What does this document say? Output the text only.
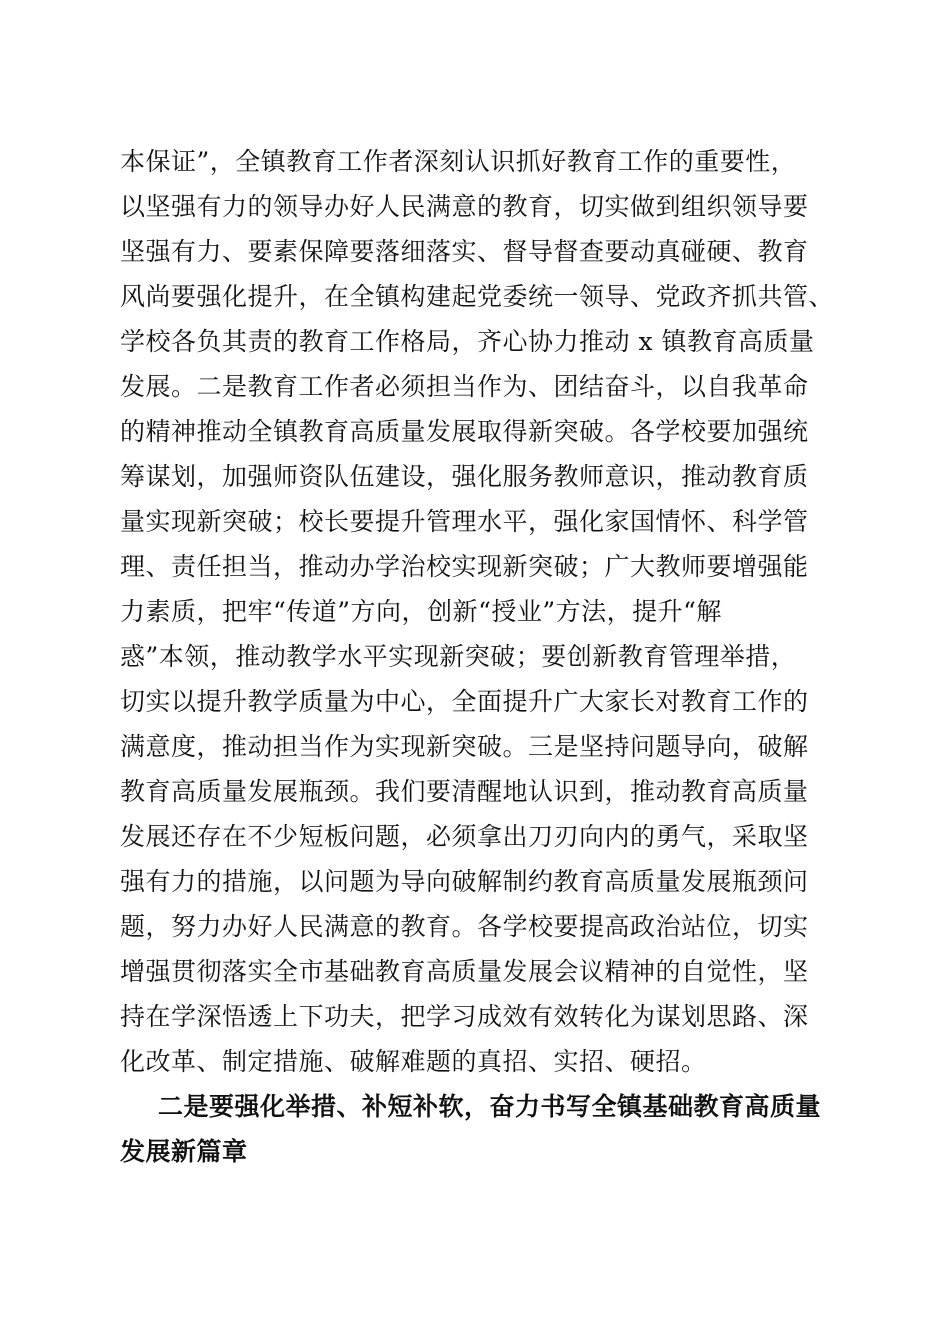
本保证”，全镇教育工作者深刻认识抓好教育工作的重要性，
以坚强有力的领导办好人民满意的教育，切实做到组织领导要
坚强有力、要素保障要落细落实、督导督查要动真碰硬、教育
风尚要强化提升，在全镇构建起党委统一领导、党政齐抓共管、
学校各负其责的教育工作格局，齐心协力推动 x 镇教育高质量
发展。二是教育工作者必须担当作为、团结奋斗，以自我革命
的精神推动全镇教育高质量发展取得新突破。各学校要加强统
筹谋划，加强师资队伍建设，强化服务教师意识，推动教育质
量实现新突破；校长要提升管理水平，强化家国情怀、科学管
理、责任担当，推动办学治校实现新突破；广大教师要增强能
力素质，把牢“传道”方向，创新“授业”方法，提升“解
惑”本领，推动教学水平实现新突破；要创新教育管理举措，
切实以提升教学质量为中心，全面提升广大家长对教育工作的
满意度，推动担当作为实现新突破。三是坚持问题导向，破解
教育高质量发展瓶颈。我们要清醒地认识到，推动教育高质量
发展还存在不少短板问题，必须拿出刀刃向内的勇气，采取坚
强有力的措施，以问题为导向破解制约教育高质量发展瓶颈问
题，努力办好人民满意的教育。各学校要提高政治站位，切实
增强贯彻落实全市基础教育高质量发展会议精神的自觉性，坚
持在学深悟透上下功夫，把学习成效有效转化为谋划思路、深
化改革、制定措施、破解难题的真招、实招、硬招。
二是要强化举措、补短补软，奋力书写全镇基础教育高质量
发展新篇章
